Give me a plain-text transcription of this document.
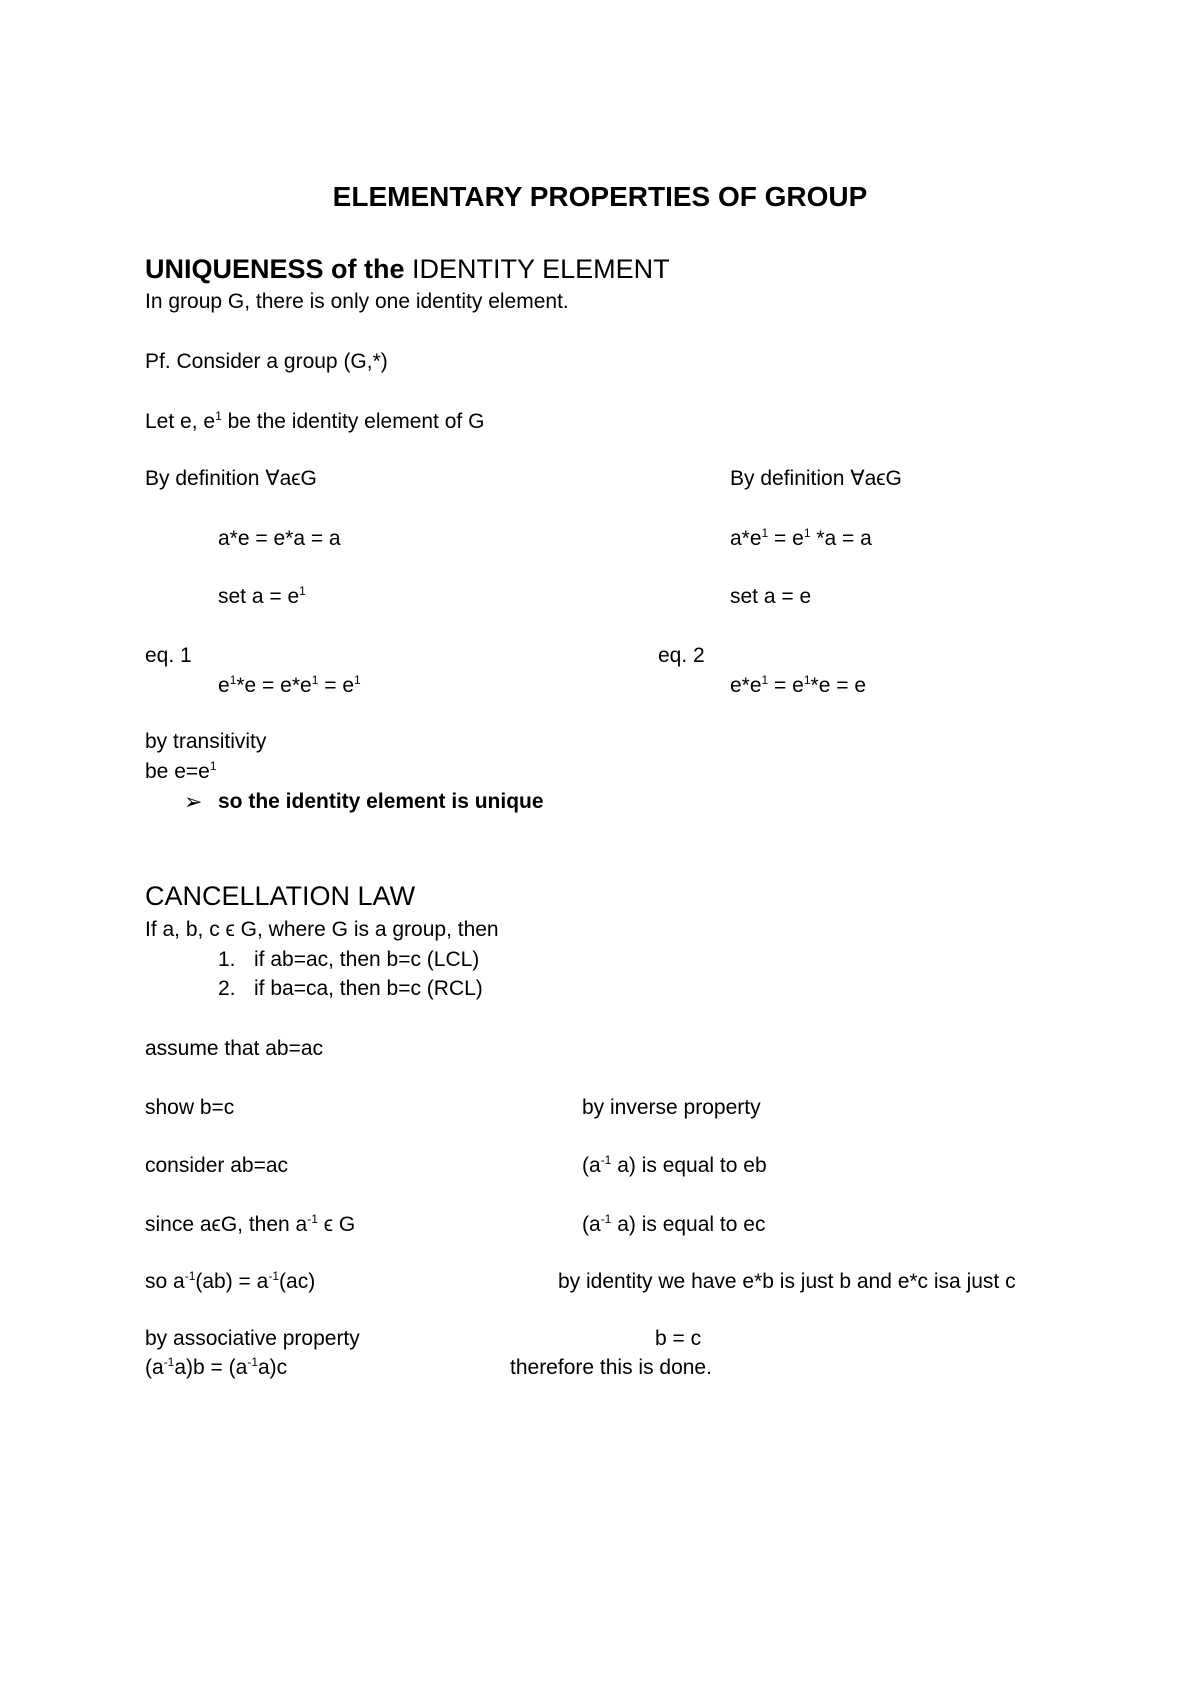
ELEMENTARY PROPERTIES OF GROUP
UNIQUENESS of the IDENTITY ELEMENT
In group G, there is only one identity element.
Pf. Consider a group (G,*)
Let e, $e^1$ be the identity element of G
By definition ∀aϵG	By definition ∀aϵG
a*e = e*a = a	$a*e^1 = e^1$ *a = a
set $a = e^1$	set a = e
eq. 1	eq. 2
$e^1*e = e*e^1 = e^1$	$e*e^1 = e^1*e = e$
by transitivity
be $e=e^1$
➢ so the identity element is unique
CANCELLATION LAW
If a, b, c ϵ G, where G is a group, then
1. if ab=ac, then b=c (LCL)
2. if ba=ca, then b=c (RCL)
assume that ab=ac
show b=c	by inverse property
consider ab=ac	($a^{-1}$ a) is equal to eb
since aϵG, then $a^{-1}$ ϵ G	($a^{-1}$ a) is equal to ec
so $a^{-1}(ab) = a^{-1}(ac)$	by identity we have e*b is just b and e*c isa just c
by associative property	b = c
$(a^{-1}a)b = (a^{-1}a)c$	therefore this is done.
